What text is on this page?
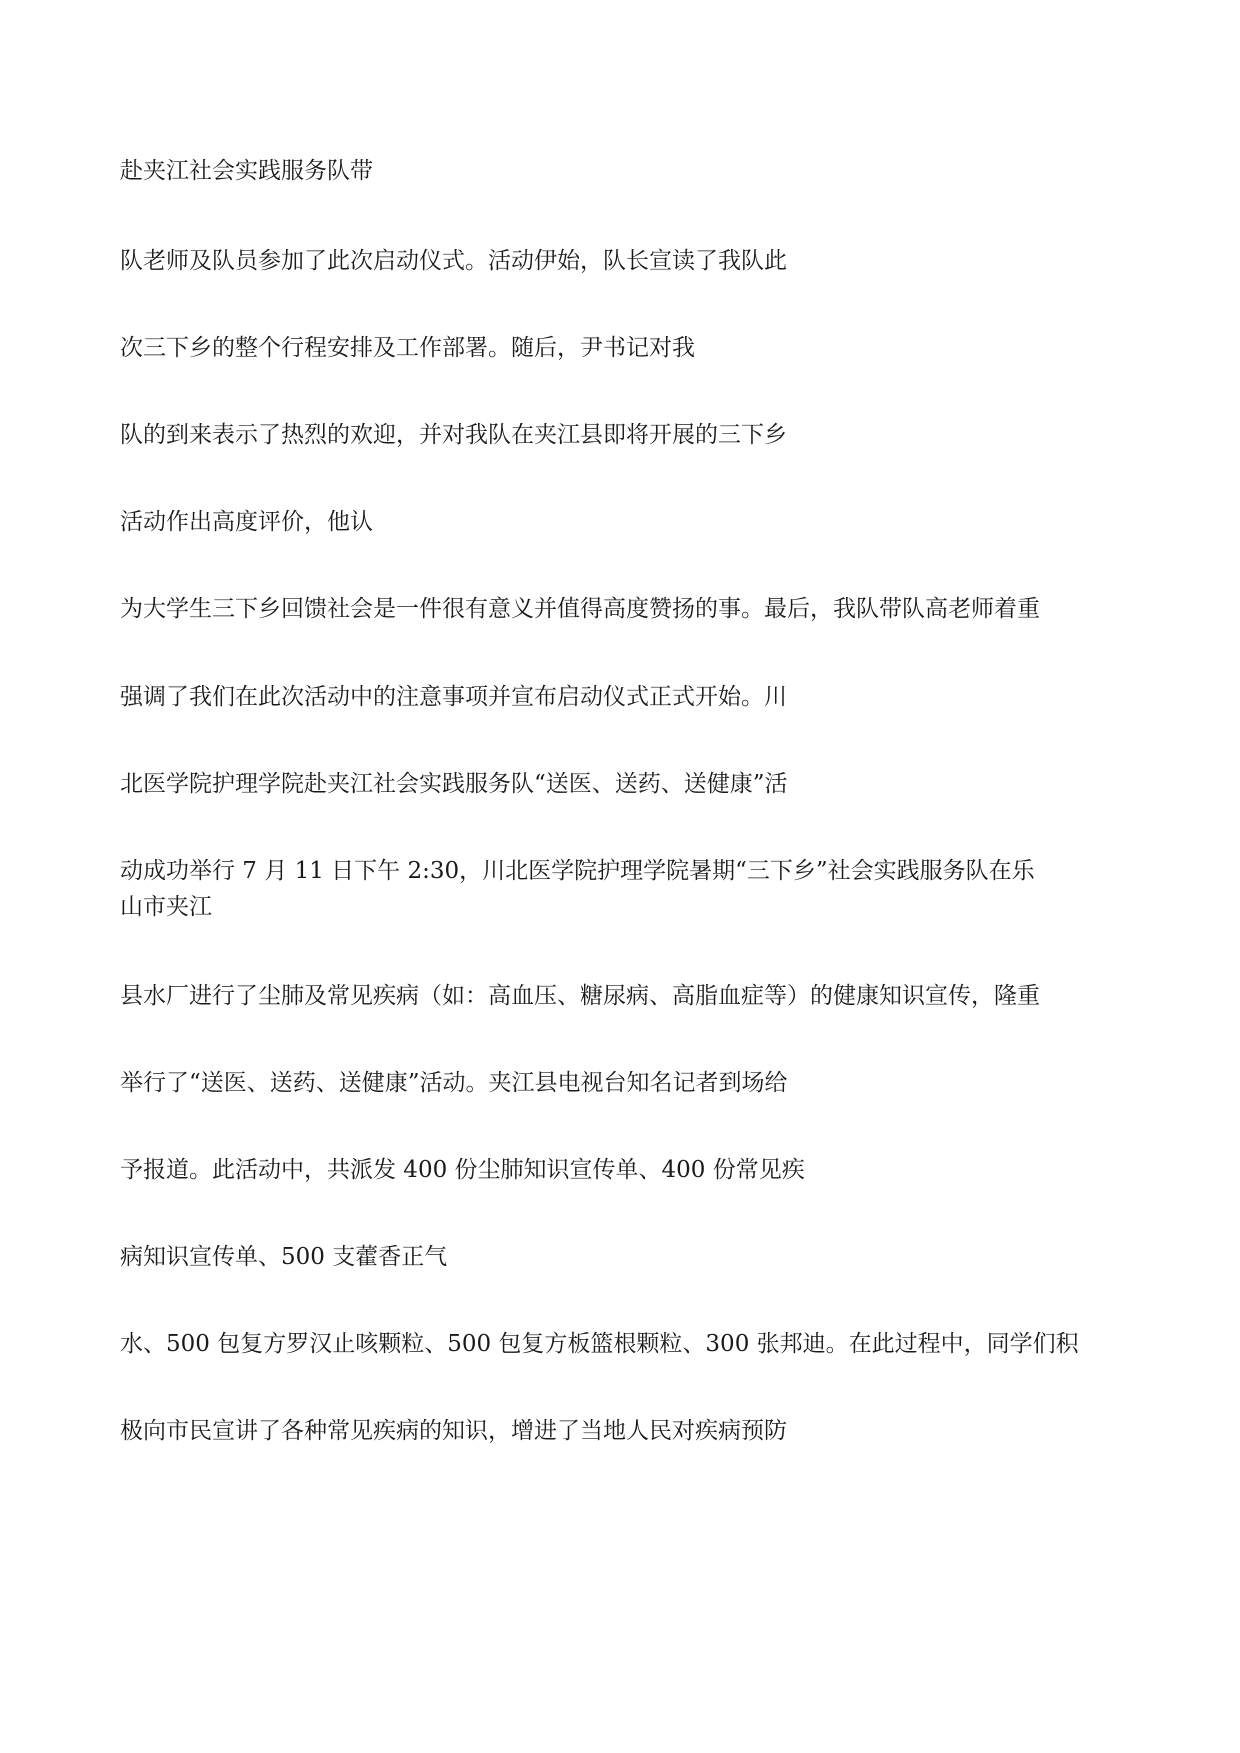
赴夹江社会实践服务队带

队老师及队员参加了此次启动仪式。活动伊始，队长宣读了我队此

次三下乡的整个行程安排及工作部署。随后，尹书记对我

队的到来表示了热烈的欢迎，并对我队在夹江县即将开展的三下乡

活动作出高度评价，他认

为大学生三下乡回馈社会是一件很有意义并值得高度赞扬的事。最后，我队带队高老师着重

强调了我们在此次活动中的注意事项并宣布启动仪式正式开始。川

北医学院护理学院赴夹江社会实践服务队“送医、送药、送健康”活

动成功举行 7 月 11 日下午 2:30，川北医学院护理学院暑期“三下乡”社会实践服务队在乐

山市夹江

县水厂进行了尘肺及常见疾病（如：高血压、糖尿病、高脂血症等）的健康知识宣传，隆重

举行了“送医、送药、送健康”活动。夹江县电视台知名记者到场给

予报道。此活动中，共派发 400 份尘肺知识宣传单、400 份常见疾

病知识宣传单、500 支藿香正气

水、500 包复方罗汉止咳颗粒、500 包复方板篮根颗粒、300 张邦迪。在此过程中，同学们积

极向市民宣讲了各种常见疾病的知识，增进了当地人民对疾病预防
